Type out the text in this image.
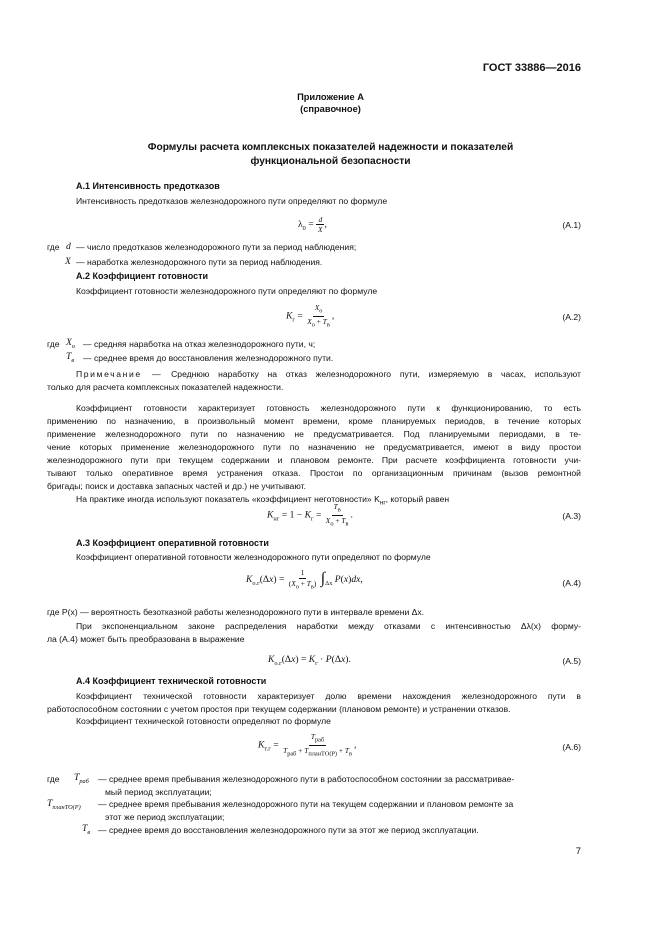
ГОСТ 33886—2016
Приложение А
(справочное)
Формулы расчета комплексных показателей надежности и показателей
функциональной безопасности
А.1 Интенсивность предотказов
Интенсивность предотказов железнодорожного пути определяют по формуле
$\lambda_0 = \frac{d}{X}$ ,	(А.1)
где d — число предотказов железнодорожного пути за период наблюдения;
X — наработка железнодорожного пути за период наблюдения.
А.2 Коэффициент готовности
Коэффициент готовности железнодорожного пути определяют по формуле
$K_г = \frac{X_о}{X_о + T_в}$ ,	(А.2)
где $X_о$ — средняя наработка на отказ железнодорожного пути, ч;
$T_в$ — среднее время до восстановления железнодорожного пути.
Примечание — Среднюю наработку на отказ железнодорожного пути, измеряемую в часах, используют
только для расчета комплексных показателей надежности.
Коэффициент готовности характеризует готовность железнодорожного пути к функционированию, то есть
применению по назначению, в произвольный момент времени, кроме планируемых периодов, в течение которых
применение железнодорожного пути по назначению не предусматривается. Под планируемыми периодами, в те-
чение которых применение железнодорожного пути по назначению не предусматривается, имеют в виду простои
железнодорожного пути при текущем содержании и плановом ремонте. При расчете коэффициента готовности учи-
тывают только оперативное время устранения отказа. Простои по организационным причинам (вызов ремонтной
бригады; поиск и доставка запасных частей и др.) не учитывают.
На практике иногда используют показатель «коэффициент неготовности» $K_{нг}$, который равен
$K_{нг} = 1 - K_г = \frac{T_в}{X_о + T_в}$ .	(А.3)
А.3 Коэффициент оперативной готовности
Коэффициент оперативной готовности железнодорожного пути определяют по формуле
$K_{о.г}(\Delta x) = \frac{1}{(X_о + T_в)} \int_{\Delta x}$ P(x)dx,	(А.4)
где P(x) — вероятность безотказной работы железнодорожного пути в интервале времени Δx.
При экспоненциальном законе распределения наработки между отказами с интенсивностью Δλ(x) форму-
ла (А.4) может быть преобразована в выражение
$K_{о.г}(\Delta x) = K_г \cdot P(\Delta x)$.	(А.5)
А.4 Коэффициент технической готовности
Коэффициент технической готовности характеризует долю времени нахождения железнодорожного пути в
работоспособном состоянии с учетом простоя при текущем содержании (плановом ремонте) и устранении отказов.
Коэффициент технической готовности определяют по формуле
$K_{т.г} = \frac{T_{раб}}{T_{раб} + T_{планТО(Р)} + T_в}$ ,	(А.6)
где $T_{раб}$ — среднее время пребывания железнодорожного пути в работоспособном состоянии за рассматривае-
мый период эксплуатации;
$T_{планТО(Р)}$ — среднее время пребывания железнодорожного пути на текущем содержании и плановом ремонте за
этот же период эксплуатации;
$T_в$ — среднее время до восстановления железнодорожного пути за этот же период эксплуатации.
7
